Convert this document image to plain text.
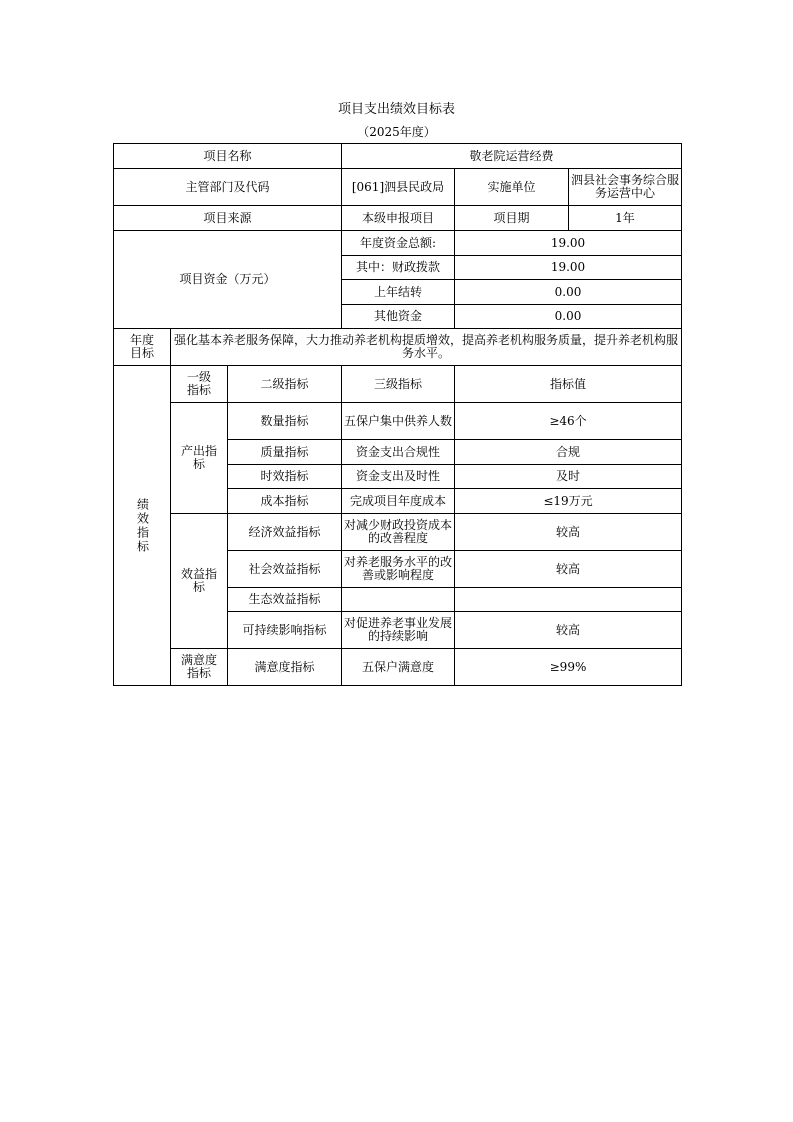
项目支出绩效目标表
（2025年度）
项目名称			敬老院运营经费		
主管部门及代码			[061]泗县民政局	实施单位	泗县社会事务综合服务运营中心
项目来源			本级申报项目	项目期	1年
项目资金（万元）			年度资金总额:	19.00	
			其中：财政拨款	19.00	
			上年结转	0.00	
			其他资金	0.00	
年度目标	强化基本养老服务保障，大力推动养老机构提质增效，提高养老机构服务质量，提升养老机构服务水平。				
绩效指标	一级指标	二级指标	三级指标	指标值	
	产出指标	数量指标	五保户集中供养人数	≥46个	
		质量指标	资金支出合规性	合规	
		时效指标	资金支出及时性	及时	
		成本指标	完成项目年度成本	≤19万元	
	效益指标	经济效益指标	对减少财政投资成本的改善程度	较高	
		社会效益指标	对养老服务水平的改善或影响程度	较高	
		生态效益指标			
		可持续影响指标	对促进养老事业发展的持续影响	较高	
	满意度指标	满意度指标	五保户满意度	≥99%	
